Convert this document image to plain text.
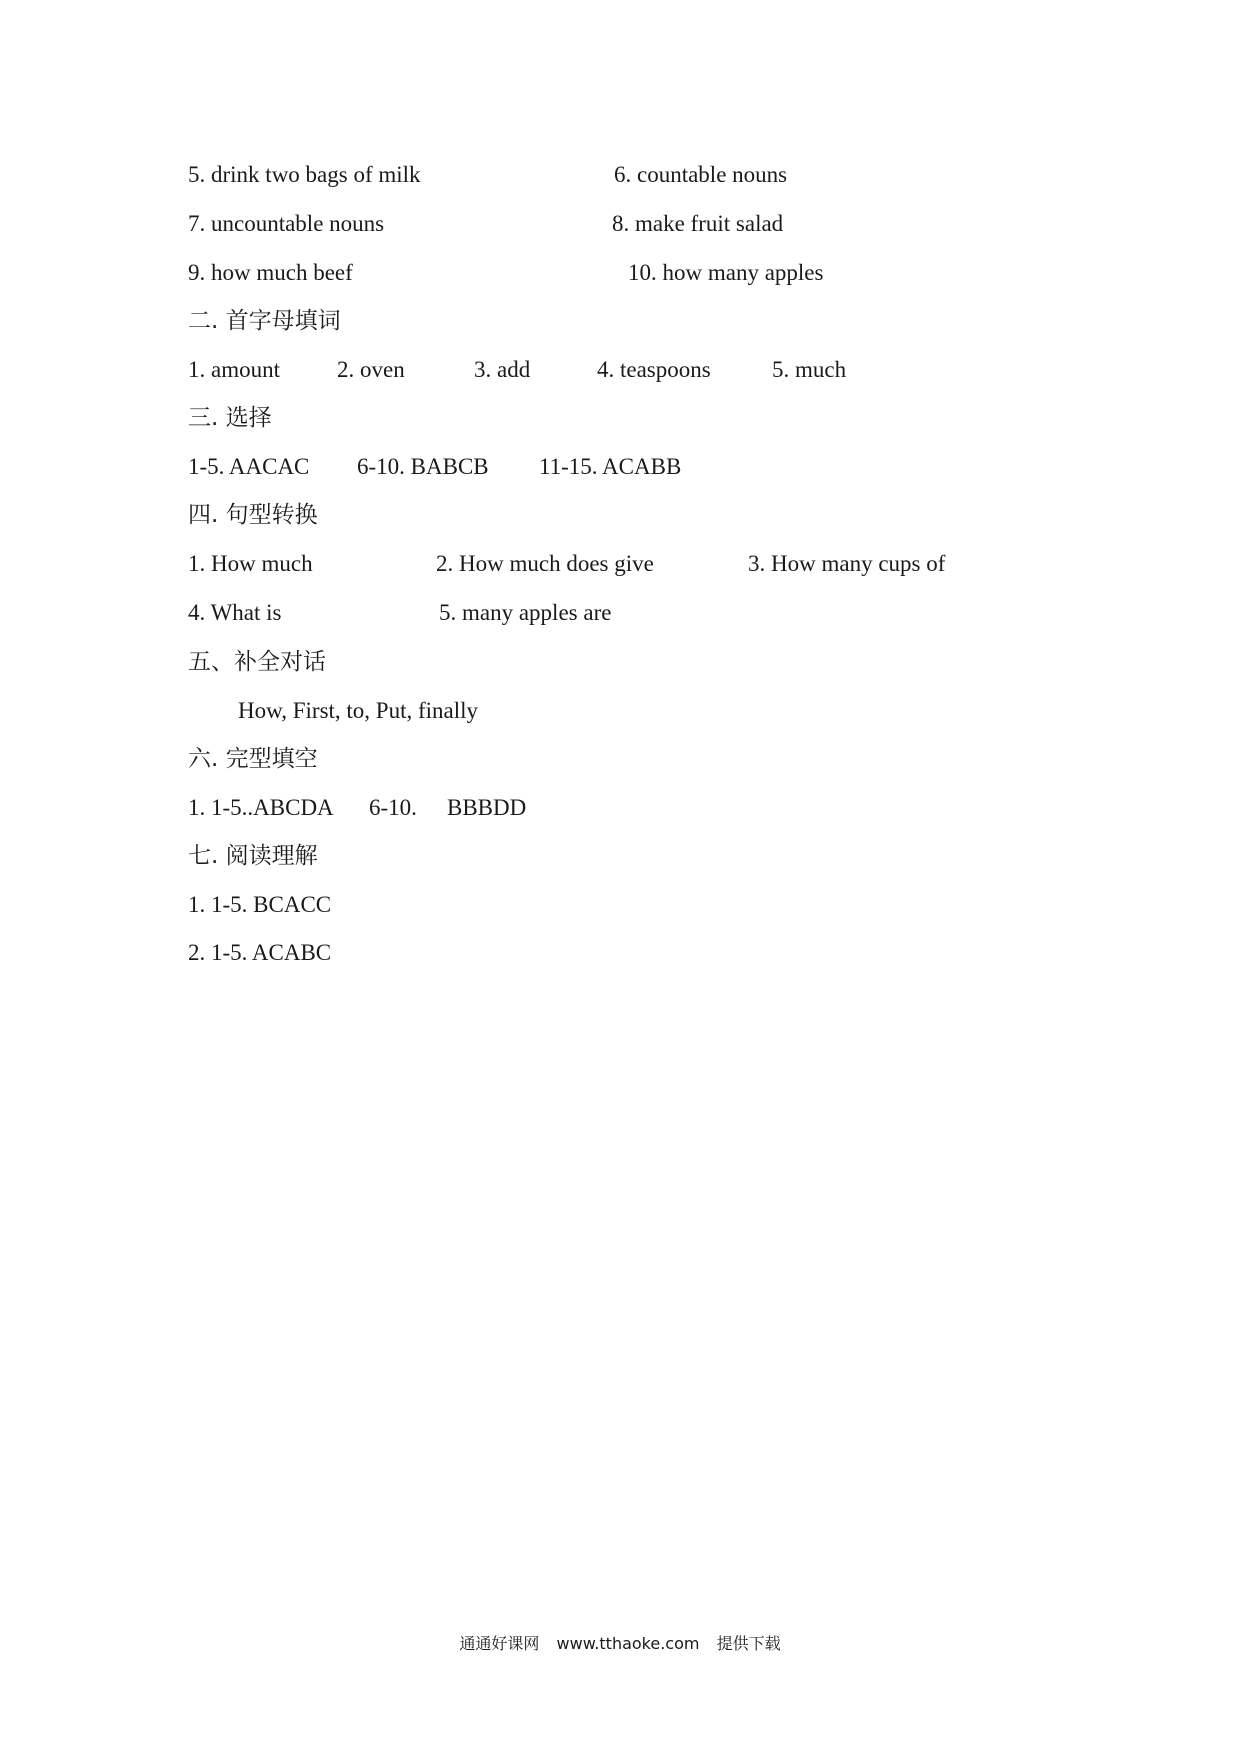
5. drink two bags of milk	6. countable nouns
7. uncountable nouns	8. make fruit salad
9. how much beef	10. how many apples
二. 首字母填词
1. amount 2. oven	3. add	4. teaspoons	5. much
三. 选择
1-5. AACAC 6-10. BABCB 11-15. ACABB
四. 句型转换
1. How much	2. How much does give	3. How many cups of
4. What is	5. many apples are
五、补全对话
How, First, to, Put, finally
六. 完型填空
1. 1-5..ABCDA 6-10. BBBDD
七. 阅读理解
1. 1-5. BCACC
2. 1-5. ACABC
通通好课网 www.tthaoke.com 提供下载
